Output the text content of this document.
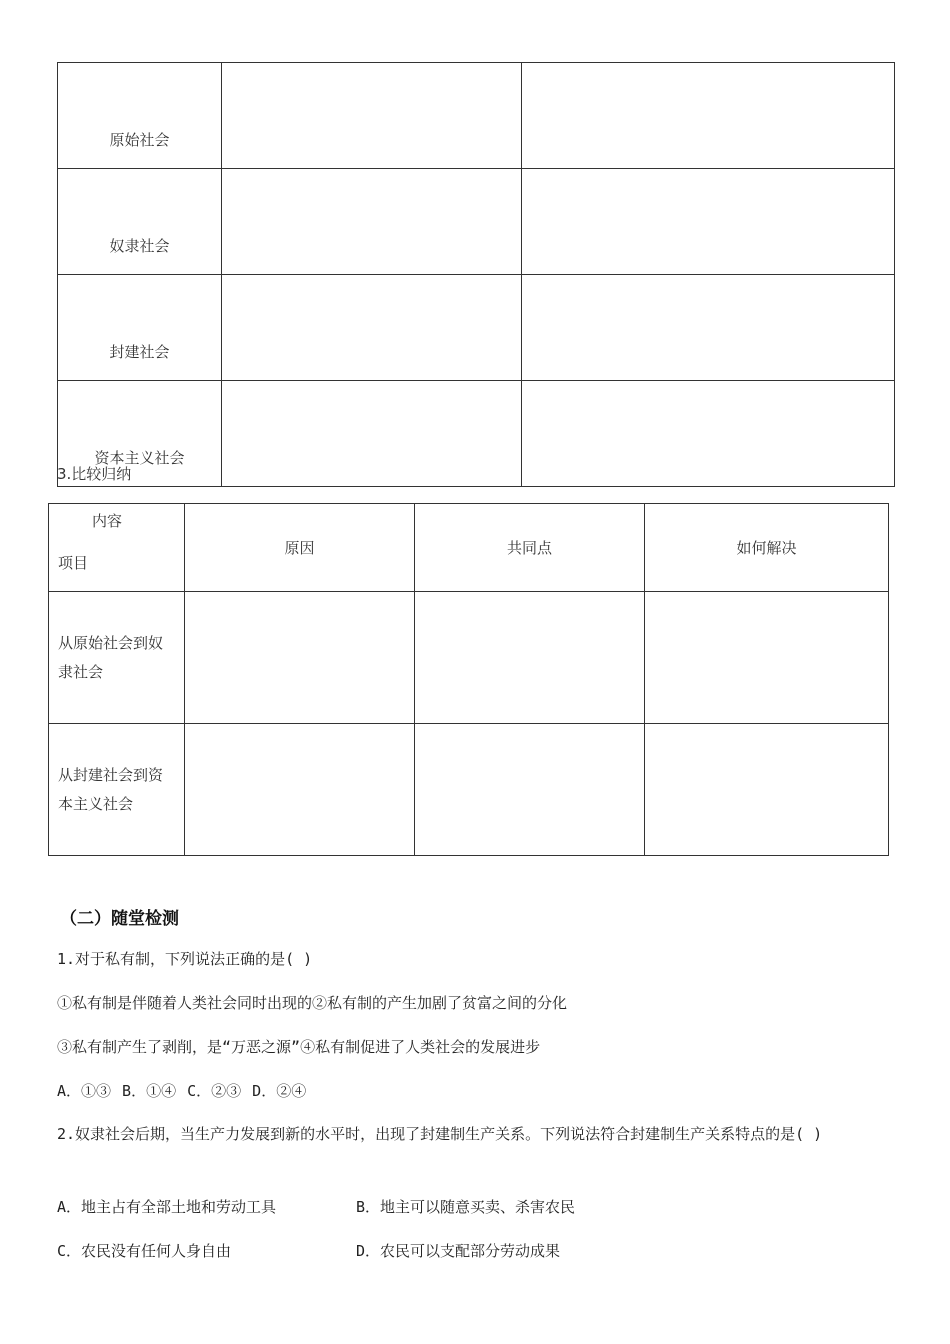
原始社会		
奴隶社会		
封建社会		
资本主义社会		
3.比较归纳
内容
项目	原因	共同点	如何解决

从原始社会到奴
隶社会			

从封建社会到资
本主义社会			

（二）随堂检测
1.对于私有制，下列说法正确的是( )
①私有制是伴随着人类社会同时出现的②私有制的产生加剧了贫富之间的分化
③私有制产生了剥削，是“万恶之源”④私有制促进了人类社会的发展进步
A．①③ B．①④ C．②③ D．②④
2.奴隶社会后期，当生产力发展到新的水平时，出现了封建制生产关系。下列说法符合封建制生产关系特点的是( )
A．地主占有全部土地和劳动工具	B．地主可以随意买卖、杀害农民
C．农民没有任何人身自由	D．农民可以支配部分劳动成果
